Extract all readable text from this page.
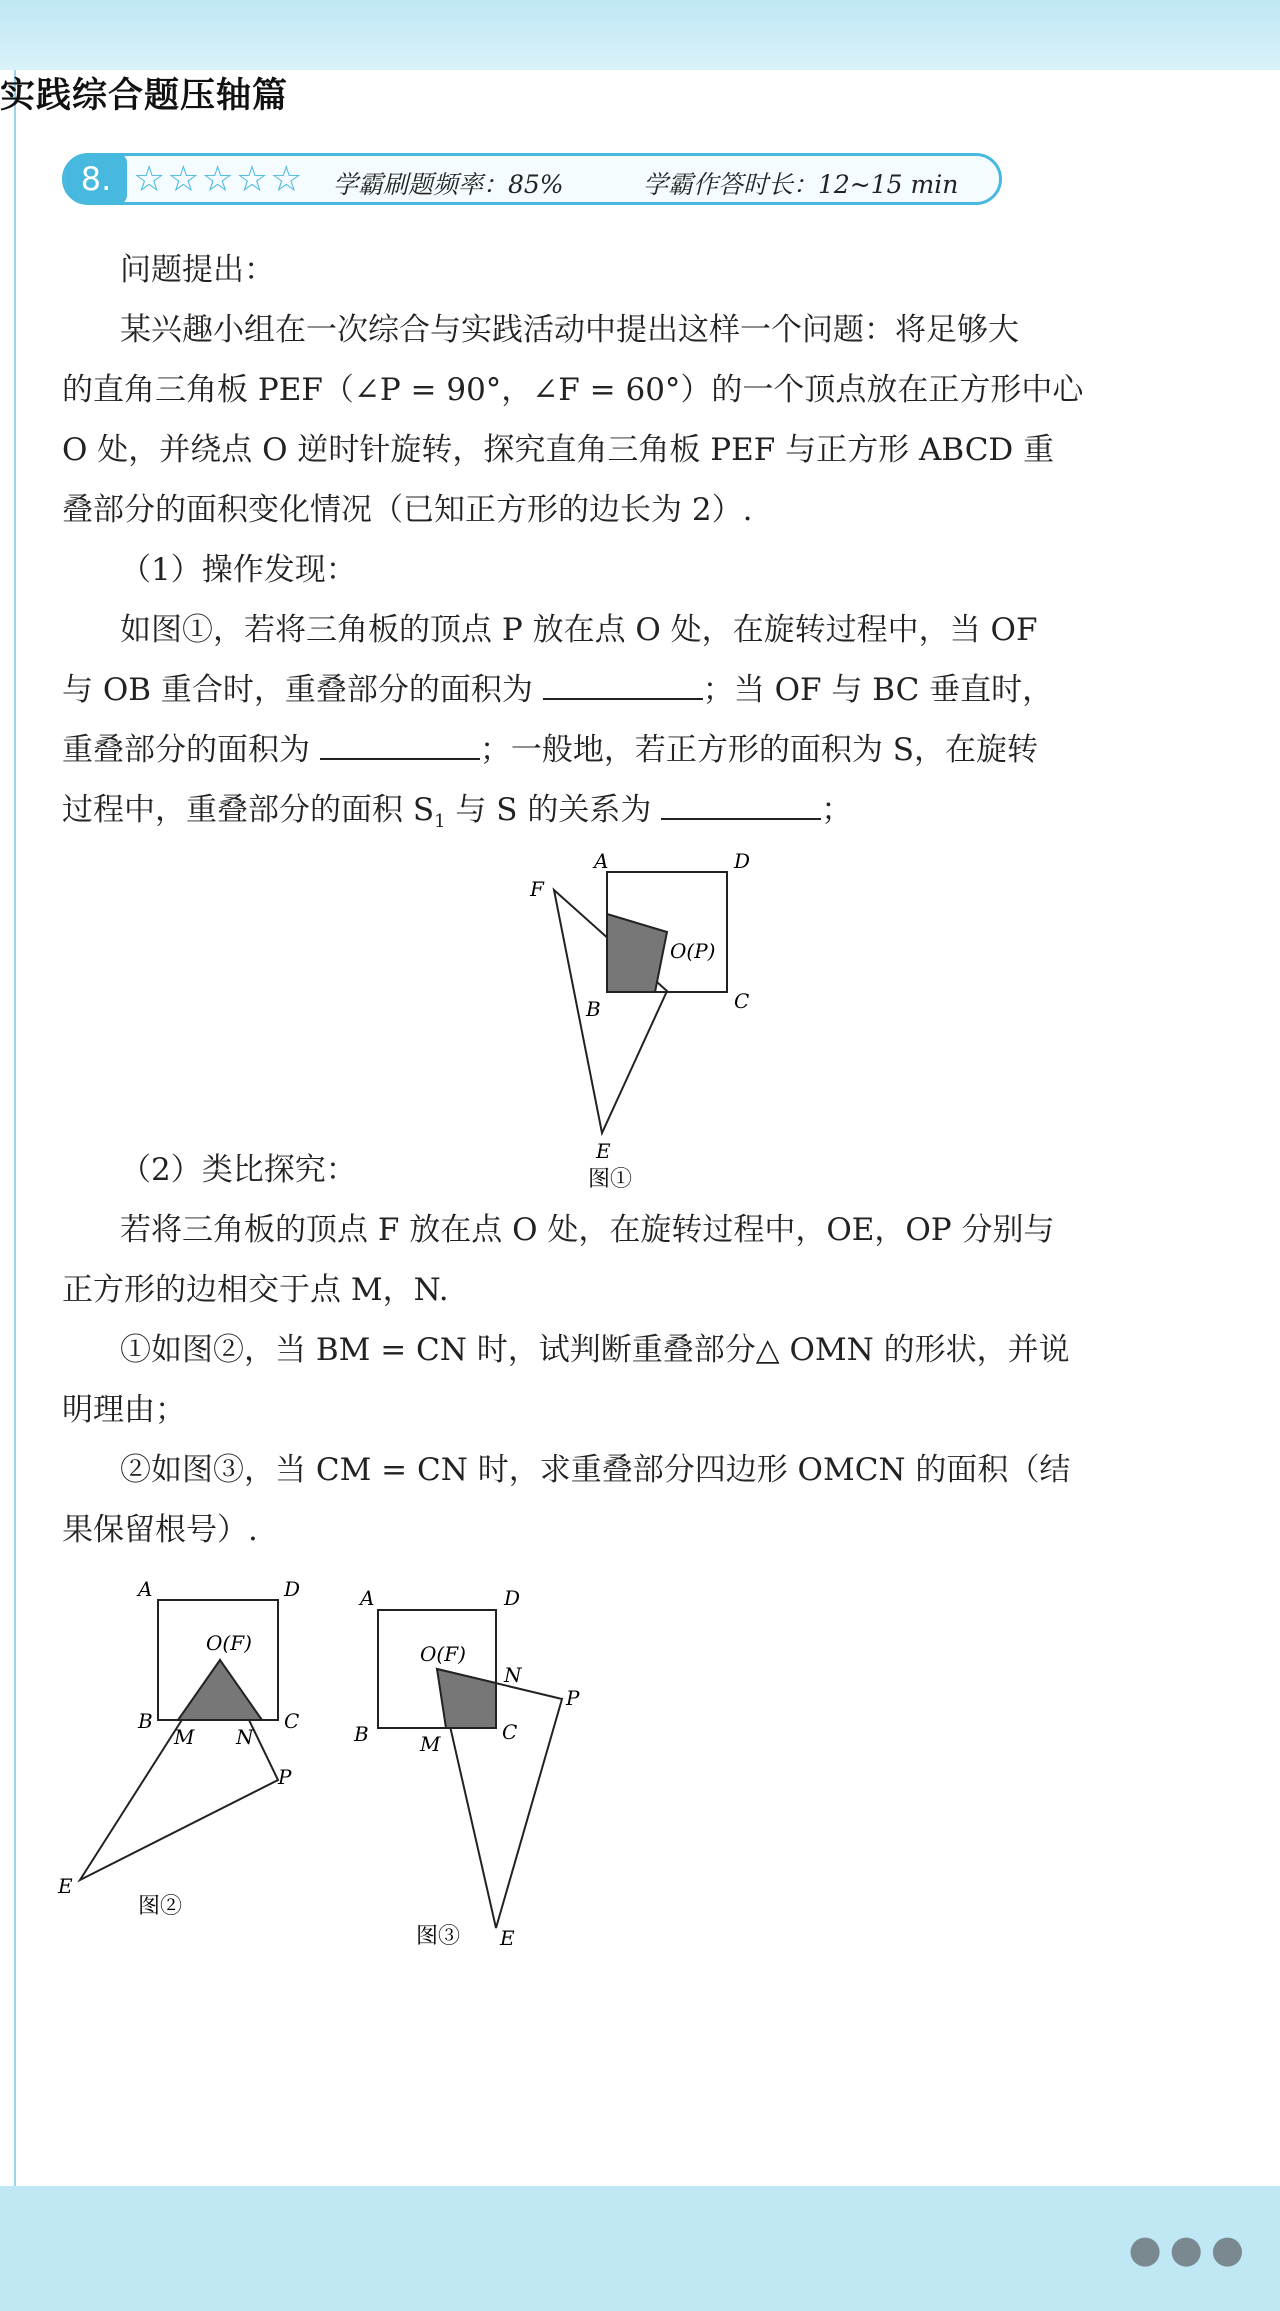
实践综合题压轴篇
8. ☆☆☆☆☆ 学霸刷题频率：85%	学霸作答时长：12~15 min
问题提出：
某兴趣小组在一次综合与实践活动中提出这样一个问题：将足够大
的直角三角板 PEF（∠P = 90°，∠F = 60°）的一个顶点放在正方形中心
O 处，并绕点 O 逆时针旋转，探究直角三角板 PEF 与正方形 ABCD 重
叠部分的面积变化情况（已知正方形的边长为 2）.
（1）操作发现：
如图①，若将三角板的顶点 P 放在点 O 处，在旋转过程中，当 OF
与 OB 重合时，重叠部分的面积为	；当 OF 与 BC 垂直时，
重叠部分的面积为	；一般地，若正方形的面积为 S，在旋转
过程中，重叠部分的面积 $S_1$ 与 S 的关系为	；
A	D
F
O(P)
B	C
E
图①
（2）类比探究：
若将三角板的顶点 F 放在点 O 处，在旋转过程中，OE，OP 分别与
正方形的边相交于点 M，N.
①如图②，当 BM = CN 时，试判断重叠部分△ OMN 的形状，并说
明理由；
②如图③，当 CM = CN 时，求重叠部分四边形 OMCN 的面积（结
果保留根号）.
A	D
O(F)
B
M N
C
P
E
图②
A	D
O(F)
N
P
B	M	C
E
图③
●●●
